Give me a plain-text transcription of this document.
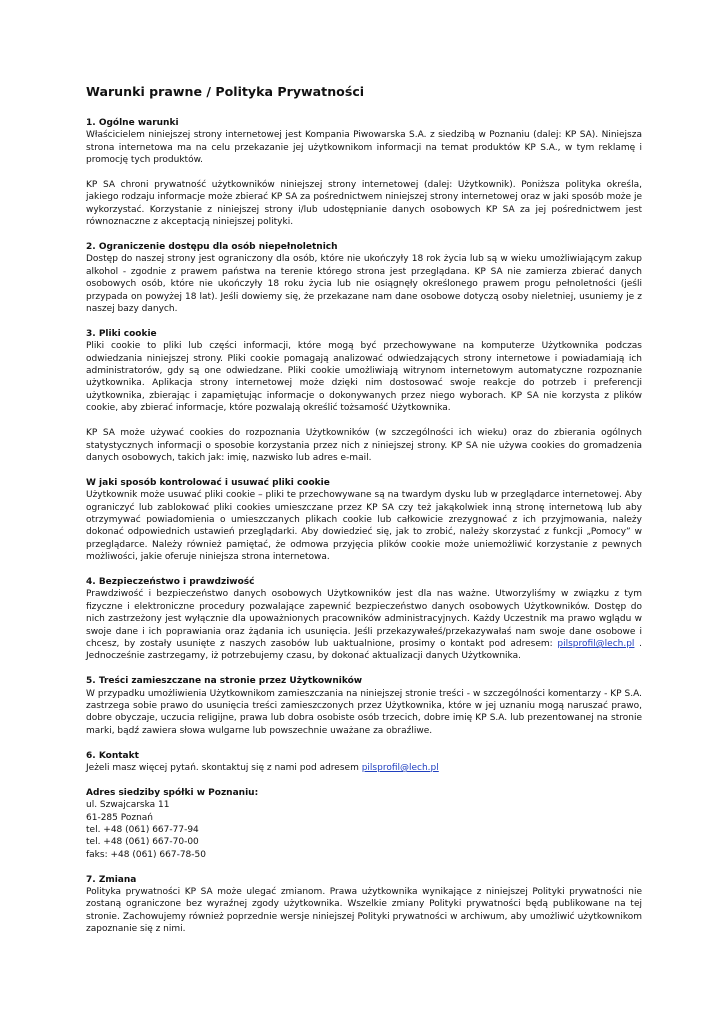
Warunki prawne / Polityka Prywatności
1. Ogólne warunki

Właścicielem niniejszej strony internetowej jest Kompania Piwowarska S.A. z siedzibą w Poznaniu (dalej: KP SA). Niniejsza strona internetowa ma na celu przekazanie jej użytkownikom informacji na temat produktów KP S.A., w tym reklamę i promocję tych produktów.

KP SA chroni prywatność użytkowników niniejszej strony internetowej (dalej: Użytkownik). Poniższa polityka określa, jakiego rodzaju informacje może zbierać KP SA za pośrednictwem niniejszej strony internetowej oraz w jaki sposób może je wykorzystać. Korzystanie z niniejszej strony i/lub udostępnianie danych osobowych KP SA za jej pośrednictwem jest równoznaczne z akceptacją niniejszej polityki.

2. Ograniczenie dostępu dla osób niepełnoletnich

Dostęp do naszej strony jest ograniczony dla osób, które nie ukończyły 18 rok życia lub są w wieku umożliwiającym zakup alkohol - zgodnie z prawem państwa na terenie którego strona jest przeglądana. KP SA nie zamierza zbierać danych osobowych osób, które nie ukończyły 18 roku życia lub nie osiągnęły określonego prawem progu pełnoletności (jeśli przypada on powyżej 18 lat). Jeśli dowiemy się, że przekazane nam dane osobowe dotyczą osoby nieletniej, usuniemy je z naszej bazy danych.

3. Pliki cookie

Pliki cookie to pliki lub części informacji, które mogą być przechowywane na komputerze Użytkownika podczas odwiedzania niniejszej strony. Pliki cookie pomagają analizować odwiedzających strony internetowe i powiadamiają ich administratorów, gdy są one odwiedzane. Pliki cookie umożliwiają witrynom internetowym automatyczne rozpoznanie użytkownika. Aplikacja strony internetowej może dzięki nim dostosować swoje reakcje do potrzeb i preferencji użytkownika, zbierając i zapamiętując informacje o dokonywanych przez niego wyborach. KP SA nie korzysta z plików cookie, aby zbierać informacje, które pozwalają określić tożsamość Użytkownika.

KP SA może używać cookies do rozpoznania Użytkowników (w szczególności ich wieku) oraz do zbierania ogólnych statystycznych informacji o sposobie korzystania przez nich z niniejszej strony. KP SA nie używa cookies do gromadzenia danych osobowych, takich jak: imię, nazwisko lub adres e-mail.

W jaki sposób kontrolować i usuwać pliki cookie

Użytkownik może usuwać pliki cookie – pliki te przechowywane są na twardym dysku lub w przeglądarce internetowej. Aby ograniczyć lub zablokować pliki cookies umieszczane przez KP SA czy też jakąkolwiek inną stronę internetową lub aby otrzymywać powiadomienia o umieszczanych plikach cookie lub całkowicie zrezygnować z ich przyjmowania, należy dokonać odpowiednich ustawień przeglądarki. Aby dowiedzieć się, jak to zrobić, należy skorzystać z funkcji „Pomocy” w przeglądarce. Należy również pamiętać, że odmowa przyjęcia plików cookie może uniemożliwić korzystanie z pewnych możliwości, jakie oferuje niniejsza strona internetowa.

4. Bezpieczeństwo i prawdziwość

Prawdziwość i bezpieczeństwo danych osobowych Użytkowników jest dla nas ważne. Utworzyliśmy w związku z tym fizyczne i elektroniczne procedury pozwalające zapewnić bezpieczeństwo danych osobowych Użytkowników. Dostęp do nich zastrzeżony jest wyłącznie dla upoważnionych pracowników administracyjnych. Każdy Uczestnik ma prawo wglądu w swoje dane i ich poprawiania oraz żądania ich usunięcia. Jeśli przekazywałeś/przekazywałaś nam swoje dane osobowe i chcesz, by zostały usunięte z naszych zasobów lub uaktualnione, prosimy o kontakt pod adresem: pilsprofil@lech.pl . Jednocześnie zastrzegamy, iż potrzebujemy czasu, by dokonać aktualizacji danych Użytkownika.

5. Treści zamieszczane na stronie przez Użytkowników

W przypadku umożliwienia Użytkownikom zamieszczania na niniejszej stronie treści - w szczególności komentarzy - KP S.A. zastrzega sobie prawo do usunięcia treści zamieszczonych przez Użytkownika, które w jej uznaniu mogą naruszać prawo, dobre obyczaje, uczucia religijne, prawa lub dobra osobiste osób trzecich, dobre imię KP S.A. lub prezentowanej na stronie marki, bądź zawiera słowa wulgarne lub powszechnie uważane za obraźliwe.

6. Kontakt

Jeżeli masz więcej pytań. skontaktuj się z nami pod adresem pilsprofil@lech.pl

Adres siedziby spółki w Poznaniu:
ul. Szwajcarska 11
61-285 Poznań
tel. +48 (061) 667-77-94
tel. +48 (061) 667-70-00
faks: +48 (061) 667-78-50
7. Zmiana

Polityka prywatności KP SA może ulegać zmianom. Prawa użytkownika wynikające z niniejszej Polityki prywatności nie zostaną ograniczone bez wyraźnej zgody użytkownika. Wszelkie zmiany Polityki prywatności będą publikowane na tej stronie. Zachowujemy również poprzednie wersje niniejszej Polityki prywatności w archiwum, aby umożliwić użytkownikom zapoznanie się z nimi.
